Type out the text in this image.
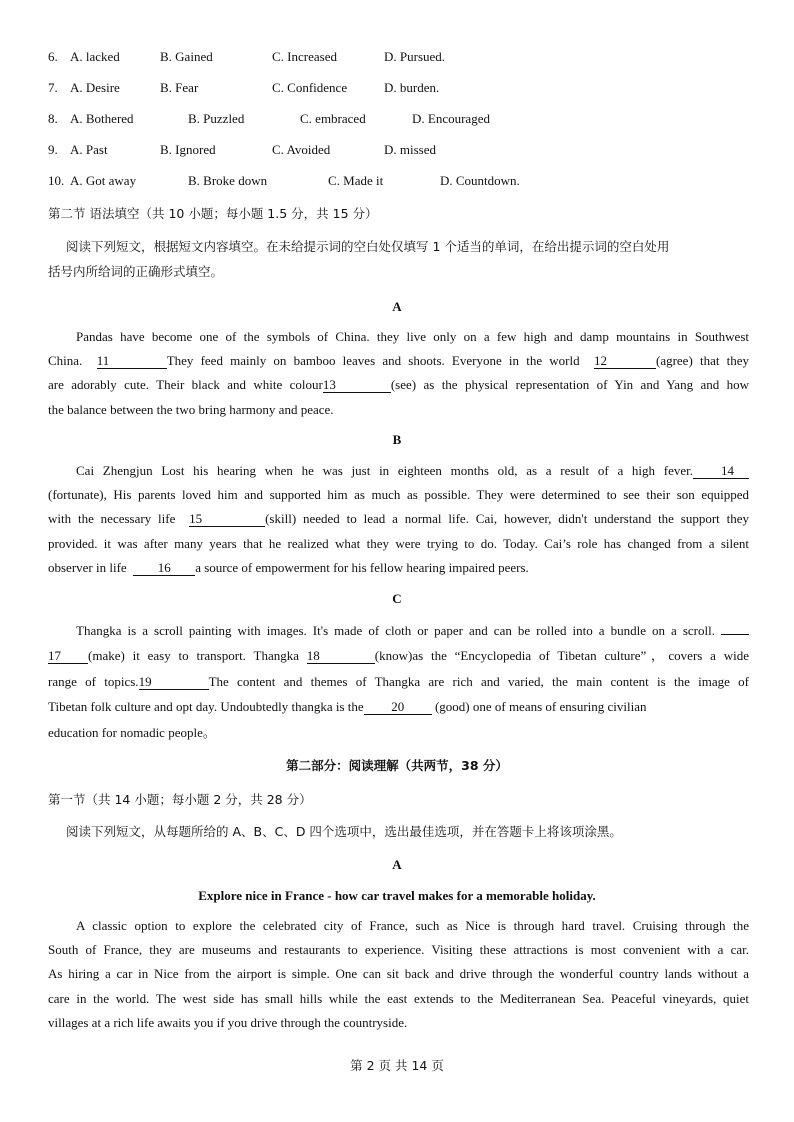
6. A. lacked	B. Gained	C. Increased	D. Pursued.
7. A. Desire	B. Fear	C. Confidence	D. burden.
8. A. Bothered	B. Puzzled	C. embraced	D. Encouraged
9. A. Past	B. Ignored	C. Avoided	D. missed
10. A. Got away	B. Broke down	C. Made it	D. Countdown.
第二节 语法填空（共 10 小题；每小题 1.5 分，共 15 分）
阅读下列短文，根据短文内容填空。在未给提示词的空白处仅填写 1 个适当的单词，在给出提示词的空白处用
括号内所给词的正确形式填空。
A
Pandas have become one of the symbols of China. they live only on a few high and damp mountains in Southwest
China. 11	They feed mainly on bamboo leaves and shoots. Everyone in the world 12	(agree) that they
are adorably cute. Their black and white colour13	(see) as the physical representation of Yin and Yang and how
the balance between the two bring harmony and peace.
B
Cai Zhengjun Lost his hearing when he was just in eighteen months old, as a result of a high fever. 14
(fortunate), His parents loved him and supported him as much as possible. They were determined to see their son equipped
with the necessary life 15	(skill) needed to lead a normal life. Cai, however, didn't understand the support they
provided. it was after many years that he realized what they were trying to do. Today. Cai’s role has changed from a silent
observer in life 16 a source of empowerment for his fellow hearing impaired peers.
C
Thangka is a scroll painting with images. It's made of cloth or paper and can be rolled into a bundle on a scroll.
17 (make) it easy to transport. Thangka 18	(know)as the “Encyclopedia of Tibetan culture”，covers a wide
range of topics.19	The content and themes of Thangka are rich and varied, the main content is the image of
Tibetan folk culture and opt day. Undoubtedly thangka is the 20 (good) one of means of ensuring civilian
education for nomadic people。
第二部分：阅读理解（共两节，38 分）
第一节（共 14 小题；每小题 2 分，共 28 分）
阅读下列短文，从每题所给的 A、B、C、D 四个选项中，选出最佳选项，并在答题卡上将该项涂黑。
A
Explore nice in France - how car travel makes for a memorable holiday.
A classic option to explore the celebrated city of France, such as Nice is through hard travel. Cruising through the
South of France, they are museums and restaurants to experience. Visiting these attractions is most convenient with a car.
As hiring a car in Nice from the airport is simple. One can sit back and drive through the wonderful country lands without a
care in the world. The west side has small hills while the east extends to the Mediterranean Sea. Peaceful vineyards, quiet
villages at a rich life awaits you if you drive through the countryside.
第 2 页 共 14 页
